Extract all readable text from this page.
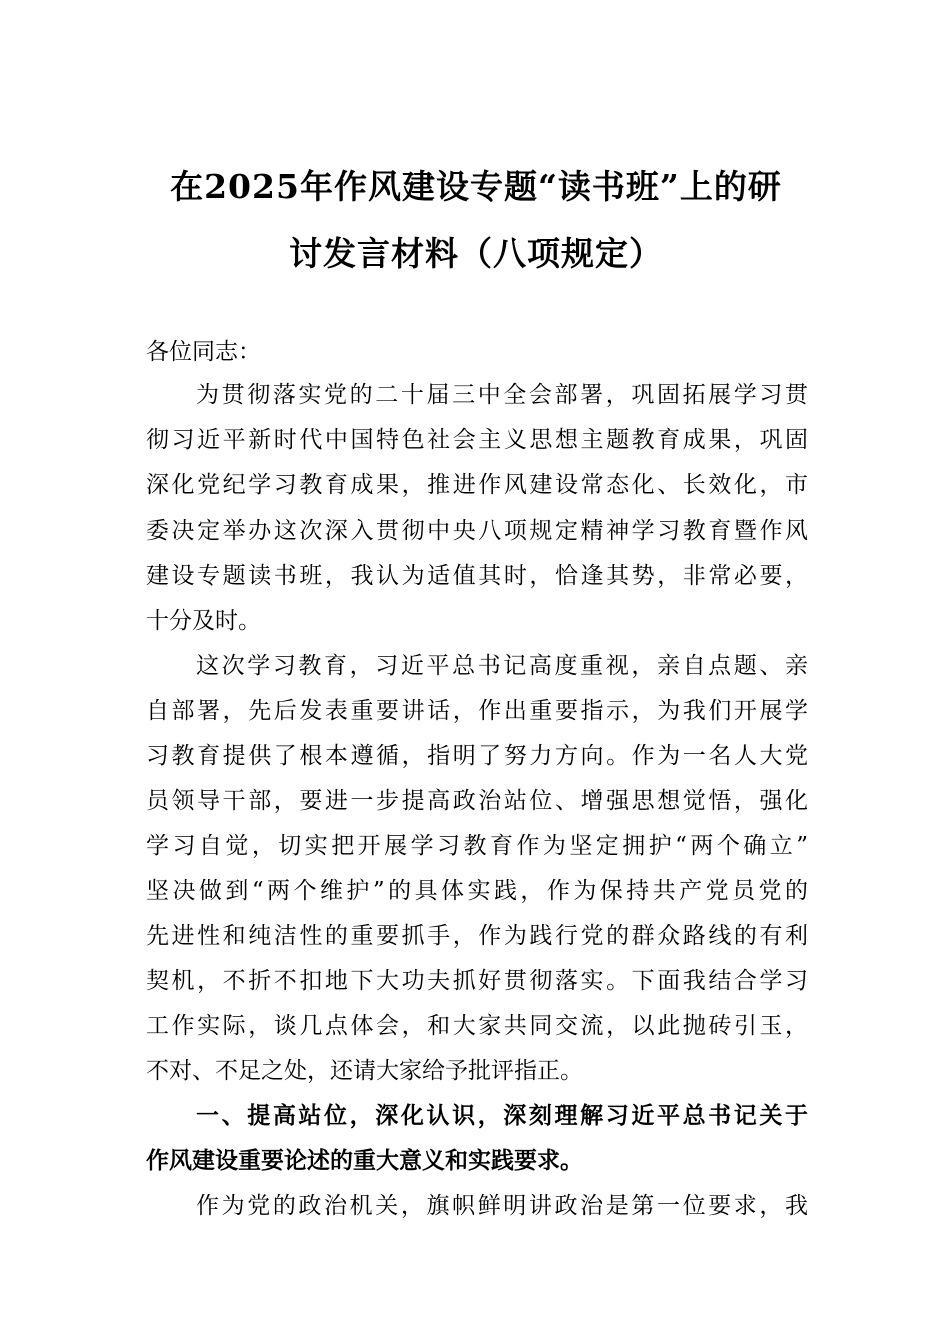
在2025年作风建设专题“读书班”上的研
讨发言材料（八项规定）
各位同志：
为贯彻落实党的二十届三中全会部署，巩固拓展学习贯
彻习近平新时代中国特色社会主义思想主题教育成果，巩固
深化党纪学习教育成果，推进作风建设常态化、长效化，市
委决定举办这次深入贯彻中央八项规定精神学习教育暨作风
建设专题读书班，我认为适值其时，恰逢其势，非常必要，
十分及时。
这次学习教育，习近平总书记高度重视，亲自点题、亲
自部署，先后发表重要讲话，作出重要指示，为我们开展学
习教育提供了根本遵循，指明了努力方向。作为一名人大党
员领导干部，要进一步提高政治站位、增强思想觉悟，强化
学习自觉，切实把开展学习教育作为坚定拥护“两个确立”
坚决做到“两个维护”的具体实践，作为保持共产党员党的
先进性和纯洁性的重要抓手，作为践行党的群众路线的有利
契机，不折不扣地下大功夫抓好贯彻落实。下面我结合学习
工作实际，谈几点体会，和大家共同交流，以此抛砖引玉，
不对、不足之处，还请大家给予批评指正。
一、提高站位，深化认识，深刻理解习近平总书记关于
作风建设重要论述的重大意义和实践要求。
作为党的政治机关，旗帜鲜明讲政治是第一位要求，我
